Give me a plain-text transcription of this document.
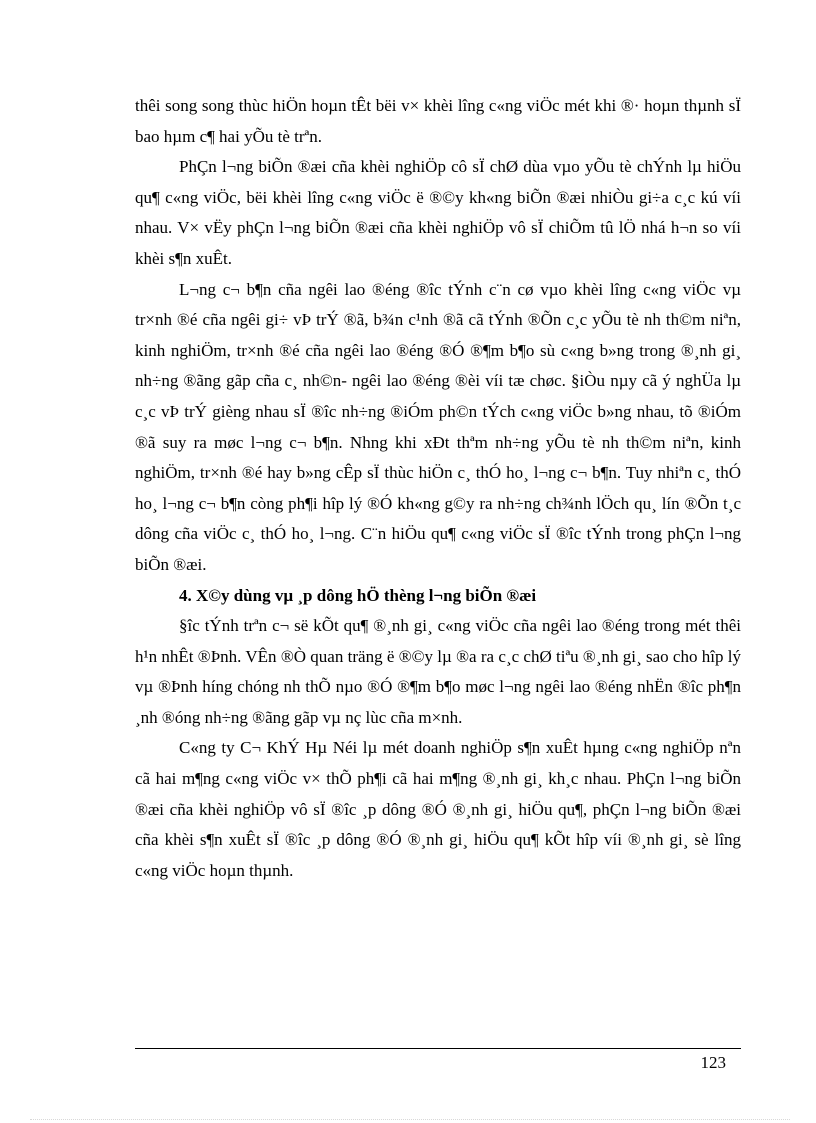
thêi song song thùc hiÖn hoµn tÊt bëi v× khèi lîng c«ng viÖc mét khi ®· hoµn thµnh sÏ bao hµm c¶ hai yÕu tè trªn.

PhÇn l¬ng biÕn ®æi cña khèi nghiÖp cô sÏ chØ dùa vµo yÕu tè chÝnh lµ hiÖu qu¶ c«ng viÖc, bëi khèi lîng c«ng viÖc ë ®©y kh«ng biÕn ®æi nhiÒu gi÷a c¸c kú víi nhau. V× vËy phÇn l¬ng biÕn ®æi cña khèi nghiÖp vô sÏ chiÕm tû lÖ nhá h¬n so víi khèi s¶n xuÊt.

L¬ng c¬ b¶n cña ngêi lao ®éng ®îc tÝnh c¨n cø vµo khèi lîng c«ng viÖc vµ tr×nh ®é cña ngêi gi÷ vÞ trÝ ®ã, b¾n c¹nh ®ã cã tÝnh ®Õn c¸c yÕu tè nh th©m niªn, kinh nghiÖm, tr×nh ®é cña ngêi lao ®éng ®Ó ®¶m b¶o sù c«ng b»ng trong ®¸nh gi¸ nh÷ng ®ãng gãp cña c¸ nh©n- ngêi lao ®éng ®èi víi tæ chøc. §iÒu nµy cã ý nghÜa lµ c¸c vÞ trÝ gièng nhau sÏ ®îc nh÷ng ®iÓm ph©n tÝch c«ng viÖc b»ng nhau, tõ ®iÓm ®ã suy ra møc l¬ng c¬ b¶n. Nhng khi xÐt thªm nh÷ng yÕu tè nh th©m niªn, kinh nghiÖm, tr×nh ®é hay b»ng cÊp sÏ thùc hiÖn c¸ thÓ ho¸ l¬ng c¬ b¶n. Tuy nhiªn c¸ thÓ ho¸ l¬ng c¬ b¶n còng ph¶i hîp lý ®Ó kh«ng g©y ra nh÷ng ch¾nh lÖch qu¸ lín ®Õn t¸c dông cña viÖc c¸ thÓ ho¸ l¬ng. C¨n hiÖu qu¶ c«ng viÖc sÏ ®îc tÝnh trong phÇn l¬ng biÕn ®æi.

4. X©y dùng vµ ¸p dông hÖ thèng l¬ng biÕn ®æi

§îc tÝnh trªn c¬ së kÕt qu¶ ®¸nh gi¸ c«ng viÖc cña ngêi lao ®éng trong mét thêi h¹n nhÊt ®Þnh. VÊn ®Ò quan träng ë ®©y lµ ®a ra c¸c chØ tiªu ®¸nh gi¸ sao cho hîp lý vµ ®Þnh híng chóng nh thÕ nµo ®Ó ®¶m b¶o møc l¬ng ngêi lao ®éng nhËn ®îc ph¶n ¸nh ®óng nh÷ng ®ãng gãp vµ nç lùc cña m×nh.

C«ng ty C¬ KhÝ Hµ Néi lµ mét doanh nghiÖp s¶n xuÊt hµng c«ng nghiÖp nªn cã hai m¶ng c«ng viÖc v× thÕ ph¶i cã hai m¶ng ®¸nh gi¸ kh¸c nhau. PhÇn l¬ng biÕn ®æi cña khèi nghiÖp vô sÏ ®îc ¸p dông ®Ó ®¸nh gi¸ hiÖu qu¶, phÇn l¬ng biÕn ®æi cña khèi s¶n xuÊt sÏ ®îc ¸p dông ®Ó ®¸nh gi¸ hiÖu qu¶ kÕt hîp víi ®¸nh gi¸ sè lîng c«ng viÖc hoµn thµnh.

123
